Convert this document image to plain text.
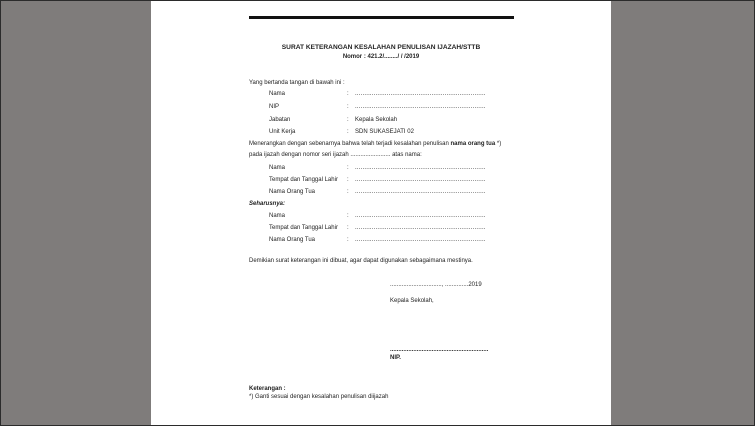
SURAT KETERANGAN KESALAHAN PENULISAN IJAZAH/STTB
Nomor : 421.2/......../ / /2019
Yang bertanda tangan di bawah ini :
Nama	: ......................................................................
NIP	: ......................................................................
Jabatan	: Kepala Sekolah
Unit Kerja	: SDN SUKASEJATI 02
Menerangkan dengan sebenarnya bahwa telah terjadi kesalahan penulisan nama orang tua *)
pada ijazah dengan nomor seri ijazah ........................ atas nama:
Nama	: ......................................................................
Tempat dan Tanggal Lahir : ......................................................................
Nama Orang Tua	: ......................................................................
Seharusnya:
Nama	: ......................................................................
Tempat dan Tanggal Lahir : ......................................................................
Nama Orang Tua	: ......................................................................
Demikian surat keterangan ini dibuat, agar dapat digunakan sebagaimana mestinya.
..............................., ..............2019
Kepala Sekolah,
...........................................................
NIP.
Keterangan :
*) Ganti sesuai dengan kesalahan penulisan diijazah
